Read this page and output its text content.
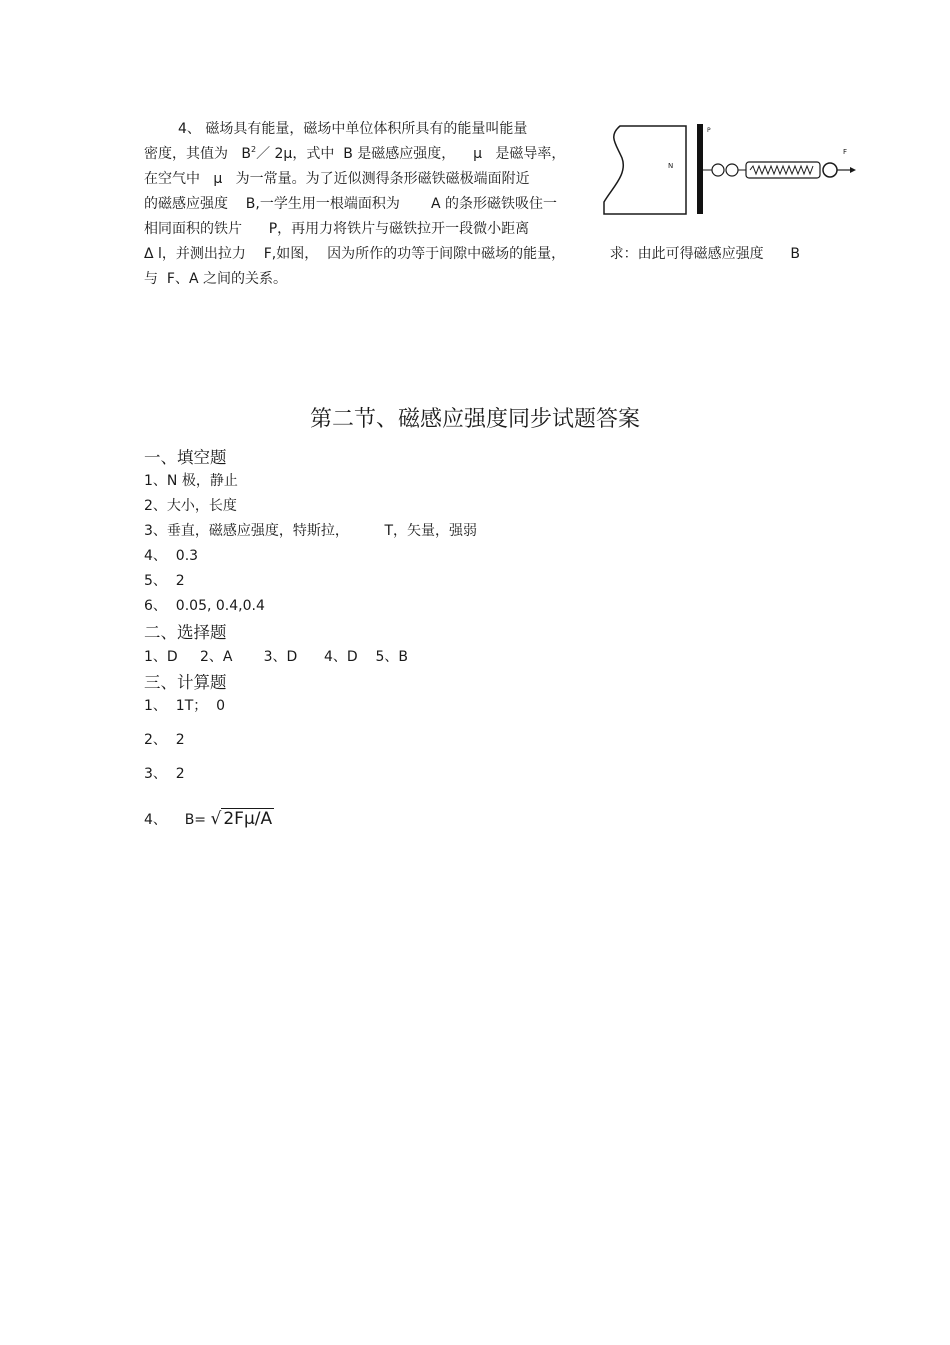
4、 磁场具有能量，磁场中单位体积所具有的能量叫能量
密度，其值为   $B^2/$ 2μ，式中  B 是磁感应强度，    μ   是磁导率，
在空气中   μ   为一常量。为了近似测得条形磁铁磁极端面附近
的磁感应强度    B,一学生用一根端面积为       A 的条形磁铁吸住一
相同面积的铁片      P，再用力将铁片与磁铁拉开一段微小距离
Δ l，并测出拉力    F,如图，  因为所作的功等于间隙中磁场的能量，          求：由此可得磁感应强度      B
与  F、A 之间的关系。
N
P
F
第二节、磁感应强度同步试题答案
一、填空题
1、N 极，静止
2、大小，长度
3、垂直，磁感应强度，特斯拉，        T，矢量，强弱
4、  0.3
5、  2
6、  0.05, 0.4,0.4
二、选择题
1、D     2、A       3、D      4、D    5、B
三、计算题
1、  1T；  0
2、  2
3、  2
4、    B= √ 2Fμ/A
